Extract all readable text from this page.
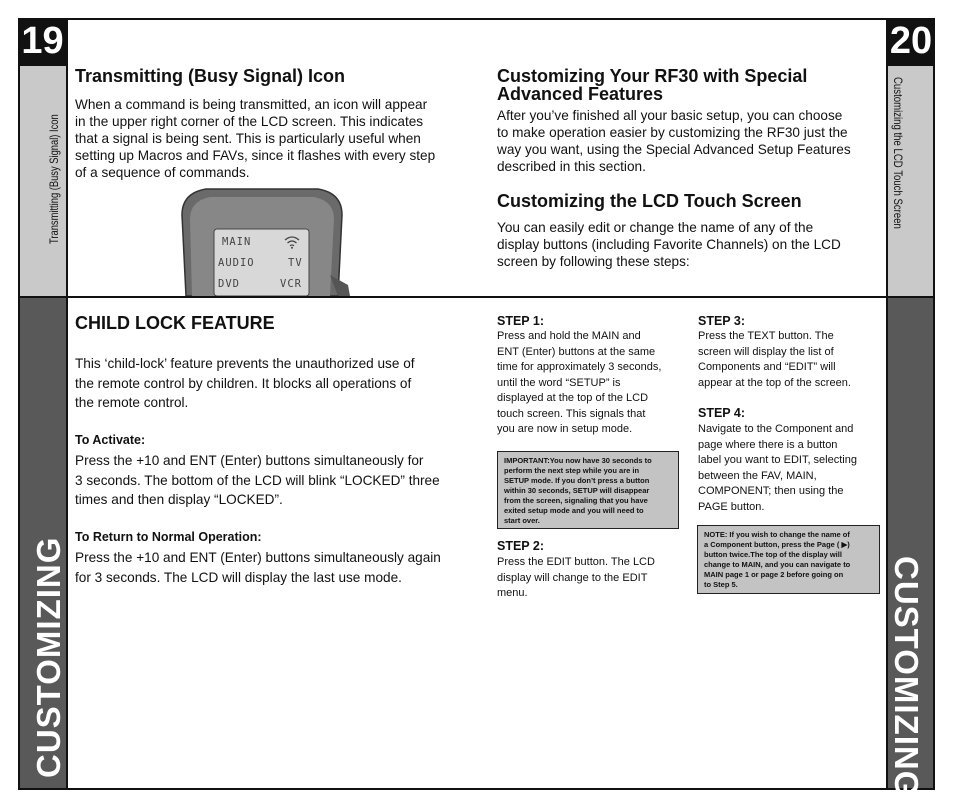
19	20
Transmitting (Busy Signal) Icon	Customizing the LCD Touch Screen
CUSTOMIZING	CUSTOMIZING
Transmitting (Busy Signal) Icon
When a command is being transmitted, an icon will appear
in the upper right corner of the LCD screen. This indicates
that a signal is being sent. This is particularly useful when
setting up Macros and FAVs, since it flashes with every step
of a sequence of commands.
MAIN
AUDIO	TV
DVD	VCR
Customizing Your RF30 with Special
Advanced Features
After you’ve finished all your basic setup, you can choose
to make operation easier by customizing the RF30 just the
way you want, using the Special Advanced Setup Features
described in this section.
Customizing the LCD Touch Screen
You can easily edit or change the name of any of the
display buttons (including Favorite Channels) on the LCD
screen by following these steps:
CHILD LOCK FEATURE
This ‘child-lock’ feature prevents the unauthorized use of
the remote control by children. It blocks all operations of
the remote control.
To Activate:
Press the +10 and ENT (Enter) buttons simultaneously for
3 seconds. The bottom of the LCD will blink “LOCKED” three
times and then display “LOCKED”.
To Return to Normal Operation:
Press the +10 and ENT (Enter) buttons simultaneously again
for 3 seconds. The LCD will display the last use mode.
STEP 1:
Press and hold the MAIN and
ENT (Enter) buttons at the same
time for approximately 3 seconds,
until the word “SETUP” is
displayed at the top of the LCD
touch screen. This signals that
you are now in setup mode.
IMPORTANT:You now have 30 seconds to
perform the next step while you are in
SETUP mode. If you don’t press a button
within 30 seconds, SETUP will disappear
from the screen, signaling that you have
exited setup mode and you will need to
start over.
STEP 2:
Press the EDIT button. The LCD
display will change to the EDIT
menu.
STEP 3:
Press the TEXT button. The
screen will display the list of
Components and “EDIT” will
appear at the top of the screen.
STEP 4:
Navigate to the Component and
page where there is a button
label you want to EDIT, selecting
between the FAV, MAIN,
COMPONENT; then using the
PAGE button.
NOTE: If you wish to change the name of
a Component button, press the Page ( ▶)
button twice.The top of the display will
change to MAIN, and you can navigate to
MAIN page 1 or page 2 before going on
to Step 5.
